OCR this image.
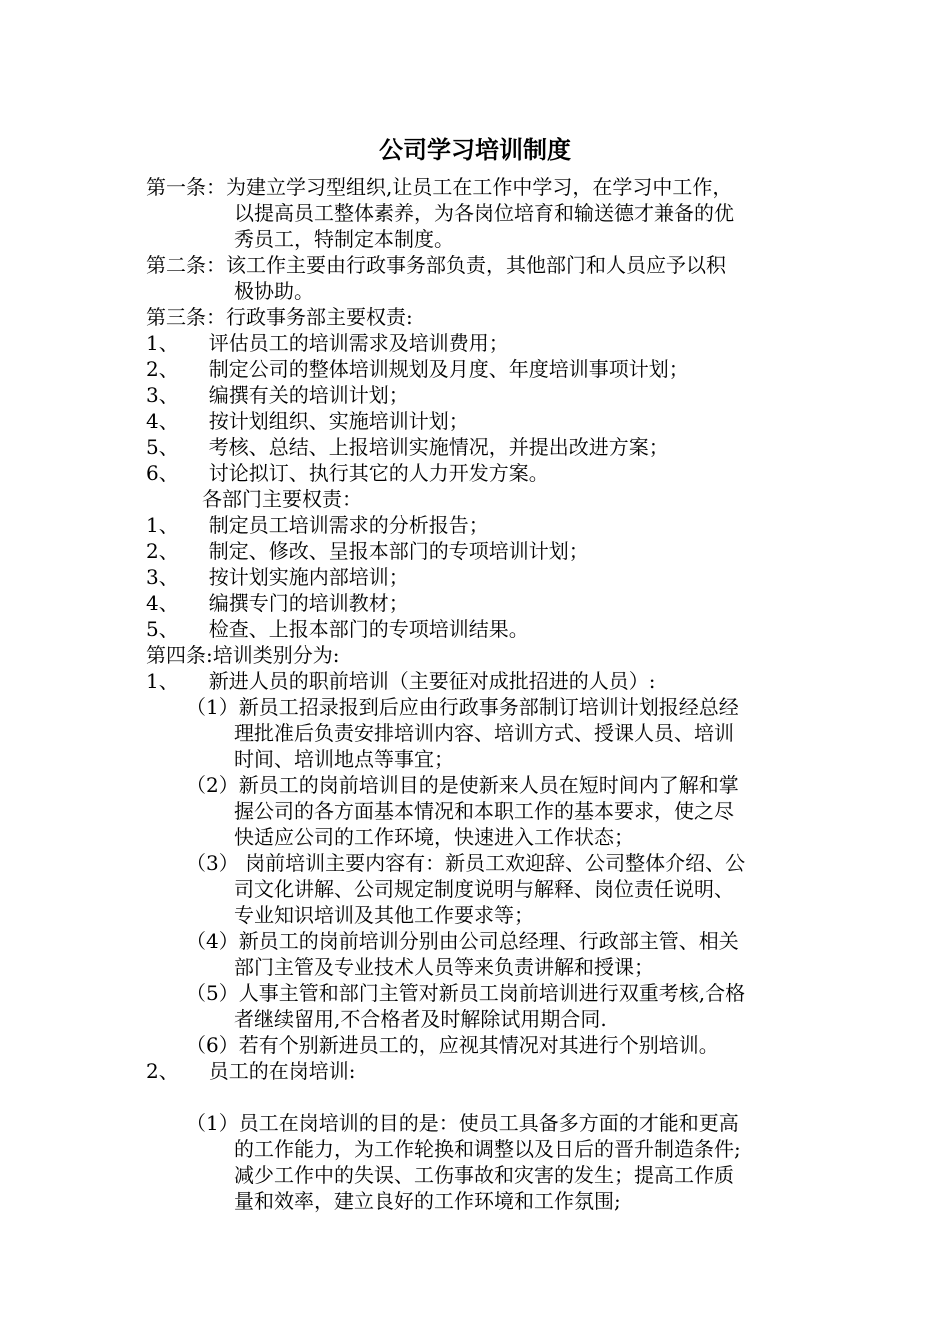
公司学习培训制度
第一条：为建立学习型组织,让员工在工作中学习，在学习中工作，
以提高员工整体素养，为各岗位培育和输送德才兼备的优
秀员工，特制定本制度。
第二条：该工作主要由行政事务部负责，其他部门和人员应予以积
极协助。
第三条：行政事务部主要权责:
1、　　评估员工的培训需求及培训费用；
2、　　制定公司的整体培训规划及月度、年度培训事项计划；
3、　　编撰有关的培训计划；
4、　　按计划组织、实施培训计划；
5、　　考核、总结、上报培训实施情况，并提出改进方案；
6、　　讨论拟订、执行其它的人力开发方案。
各部门主要权责：
1、　　制定员工培训需求的分析报告；
2、　　制定、修改、呈报本部门的专项培训计划；
3、　　按计划实施内部培训；
4、　　编撰专门的培训教材；
5、　　检查、上报本部门的专项培训结果。
第四条:培训类别分为:
1、　　新进人员的职前培训（主要征对成批招进的人员）:
（1）新员工招录报到后应由行政事务部制订培训计划报经总经
理批准后负责安排培训内容、培训方式、授课人员、培训
时间、培训地点等事宜；
（2）新员工的岗前培训目的是使新来人员在短时间内了解和掌
握公司的各方面基本情况和本职工作的基本要求，使之尽
快适应公司的工作环境，快速进入工作状态；
（3） 岗前培训主要内容有：新员工欢迎辞、公司整体介绍、公
司文化讲解、公司规定制度说明与解释、岗位责任说明、
专业知识培训及其他工作要求等；
（4）新员工的岗前培训分别由公司总经理、行政部主管、相关
部门主管及专业技术人员等来负责讲解和授课；
（5）人事主管和部门主管对新员工岗前培训进行双重考核,合格
者继续留用,不合格者及时解除试用期合同.
（6）若有个别新进员工的，应视其情况对其进行个别培训。
2、　　员工的在岗培训:
（1）员工在岗培训的目的是：使员工具备多方面的才能和更高
的工作能力，为工作轮换和调整以及日后的晋升制造条件;
减少工作中的失误、工伤事故和灾害的发生；提高工作质
量和效率，建立良好的工作环境和工作氛围;
